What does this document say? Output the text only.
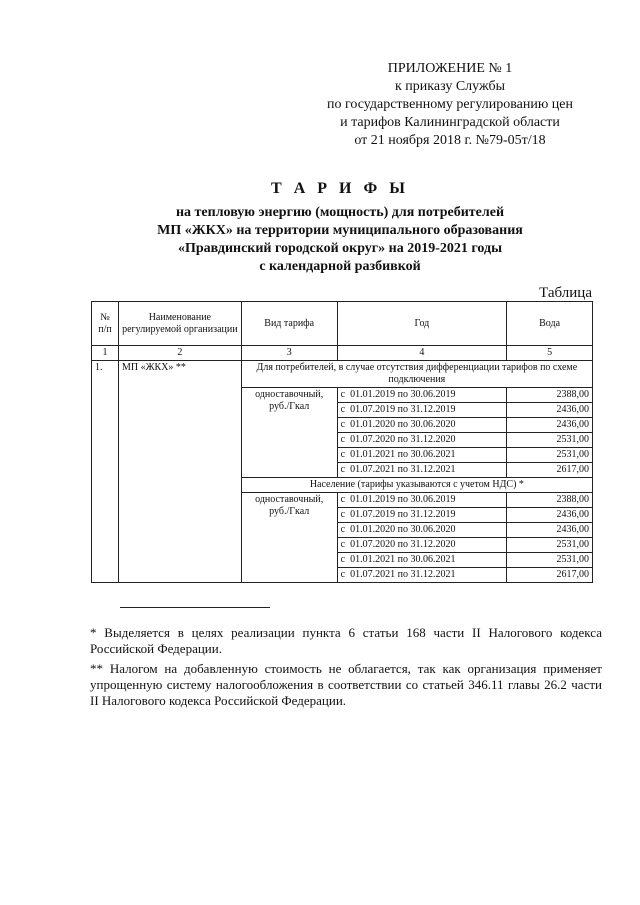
ПРИЛОЖЕНИЕ № 1
к приказу Службы
по государственному регулированию цен
и тарифов Калининградской области
от 21 ноября 2018 г. №79-05т/18
Т А Р И Ф Ы
на тепловую энергию (мощность) для потребителей
МП «ЖКХ» на территории муниципального образования
«Правдинский городской округ» на 2019-2021 годы
с календарной разбивкой
Таблица
№ п/п	Наименование регулируемой организации	Вид тарифа	Год	Вода
1	2	3	4	5
1.	МП «ЖКХ» **	Для потребителей, в случае отсутствия дифференциации тарифов по схеме подключения		
		одноставочный, руб./Гкал	с 01.01.2019 по 30.06.2019	2388,00
			с 01.07.2019 по 31.12.2019	2436,00
			с 01.01.2020 по 30.06.2020	2436,00
			с 01.07.2020 по 31.12.2020	2531,00
			с 01.01.2021 по 30.06.2021	2531,00
			с 01.07.2021 по 31.12.2021	2617,00
		Население (тарифы указываются с учетом НДС) *		
		одноставочный, руб./Гкал	с 01.01.2019 по 30.06.2019	2388,00
			с 01.07.2019 по 31.12.2019	2436,00
			с 01.01.2020 по 30.06.2020	2436,00
			с 01.07.2020 по 31.12.2020	2531,00
			с 01.01.2021 по 30.06.2021	2531,00
			с 01.07.2021 по 31.12.2021	2617,00

* Выделяется в целях реализации пункта 6 статьи 168 части II Налогового кодекса Российской Федерации.

** Налогом на добавленную стоимость не облагается, так как организация применяет упрощенную систему налогообложения в соответствии со статьей 346.11 главы 26.2 части II Налогового кодекса Российской Федерации.
